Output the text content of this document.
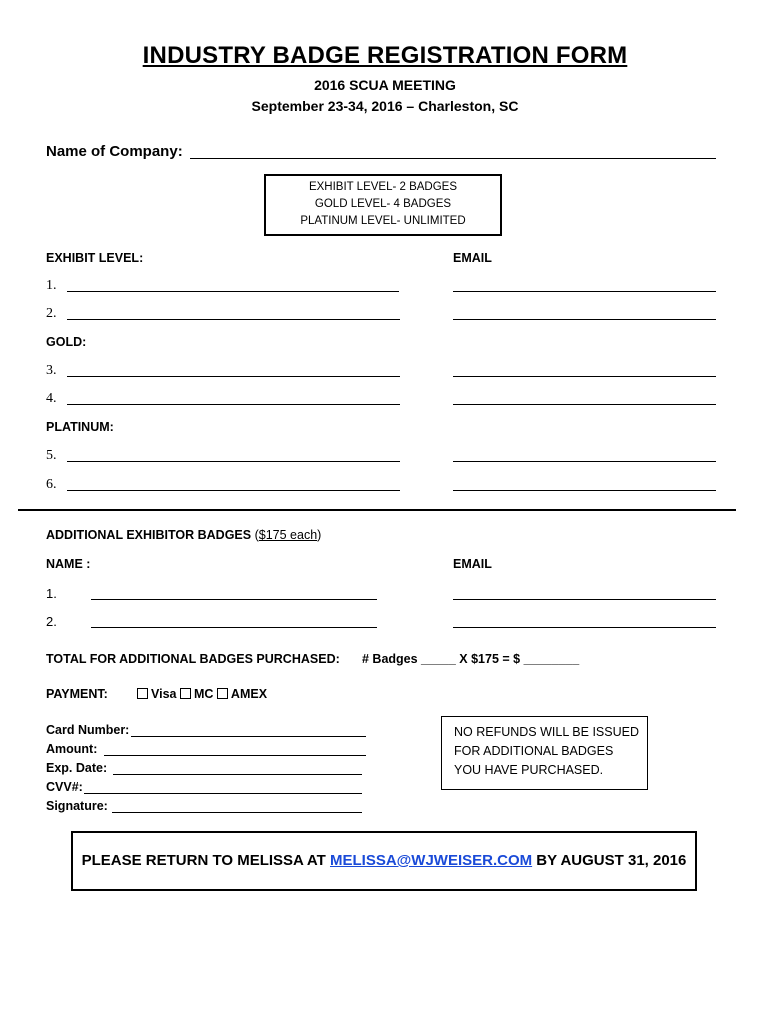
INDUSTRY BADGE REGISTRATION FORM
2016 SCUA MEETING
September 23-34, 2016 – Charleston, SC
Name of Company:
EXHIBIT LEVEL- 2 BADGES
GOLD LEVEL- 4 BADGES
PLATINUM LEVEL- UNLIMITED
EXHIBIT LEVEL:	EMAIL
1.
2.
GOLD:
3.
4.
PLATINUM:
5.
6.
ADDITIONAL EXHIBITOR BADGES ($175 each)
NAME :	EMAIL
1.
2.
TOTAL FOR ADDITIONAL BADGES PURCHASED: # Badges _____ X $175 = $ ________
PAYMENT:	Visa MC AMEX
Card Number:
Amount:
Exp. Date:
CVV#:
Signature:
NO REFUNDS WILL BE ISSUED
FOR ADDITIONAL BADGES
YOU HAVE PURCHASED.
PLEASE RETURN TO MELISSA AT MELISSA@WJWEISER.COM BY AUGUST 31, 2016
